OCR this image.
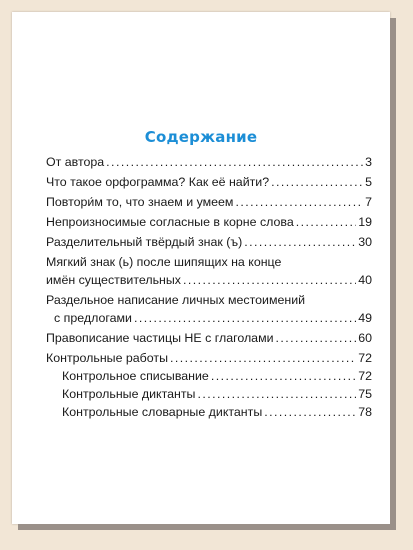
Содержание
От автора . . .	3
Что такое орфограмма? Как её найти? . . .	5
Повтори́м то, что знаем и умеем . . .	7
Непроизносимые согласные в корне слова . . .	19
Разделительный твёрдый знак (ъ) . . .	30
Мягкий знак (ь) после шипящих на конце
имён существительных . . .	40
Раздельное написание личных местоимений
с предлогами . . .	49
Правописание частицы НЕ с глаголами . . .	60
Контрольные работы . . .	72
Контрольное списывание . . .	72
Контрольные диктанты . . .	75
Контрольные словарные диктанты . . .	78
